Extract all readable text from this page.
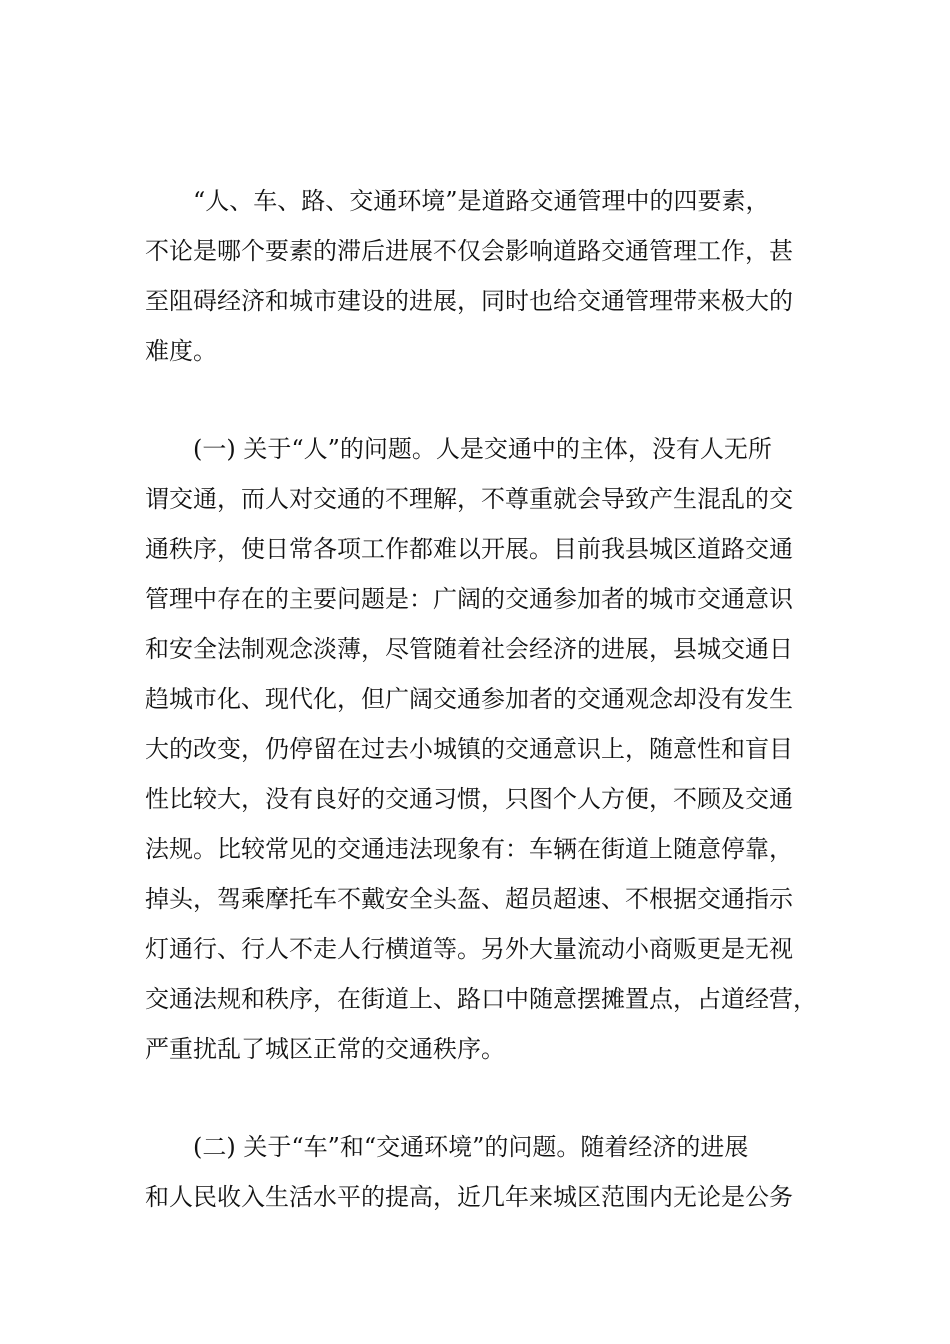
“人、车、路、交通环境”是道路交通管理中的四要素，
不论是哪个要素的滞后进展不仅会影响道路交通管理工作，甚
至阻碍经济和城市建设的进展，同时也给交通管理带来极大的
难度。
(一) 关于“人”的问题。人是交通中的主体，没有人无所
谓交通，而人对交通的不理解，不尊重就会导致产生混乱的交
通秩序，使日常各项工作都难以开展。目前我县城区道路交通
管理中存在的主要问题是：广阔的交通参加者的城市交通意识
和安全法制观念淡薄，尽管随着社会经济的进展，县城交通日
趋城市化、现代化，但广阔交通参加者的交通观念却没有发生
大的改变，仍停留在过去小城镇的交通意识上，随意性和盲目
性比较大，没有良好的交通习惯，只图个人方便，不顾及交通
法规。比较常见的交通违法现象有：车辆在街道上随意停靠，
掉头，驾乘摩托车不戴安全头盔、超员超速、不根据交通指示
灯通行、行人不走人行横道等。另外大量流动小商贩更是无视
交通法规和秩序，在街道上、路口中随意摆摊置点，占道经营，
严重扰乱了城区正常的交通秩序。
(二) 关于“车”和“交通环境”的问题。随着经济的进展
和人民收入生活水平的提高，近几年来城区范围内无论是公务
